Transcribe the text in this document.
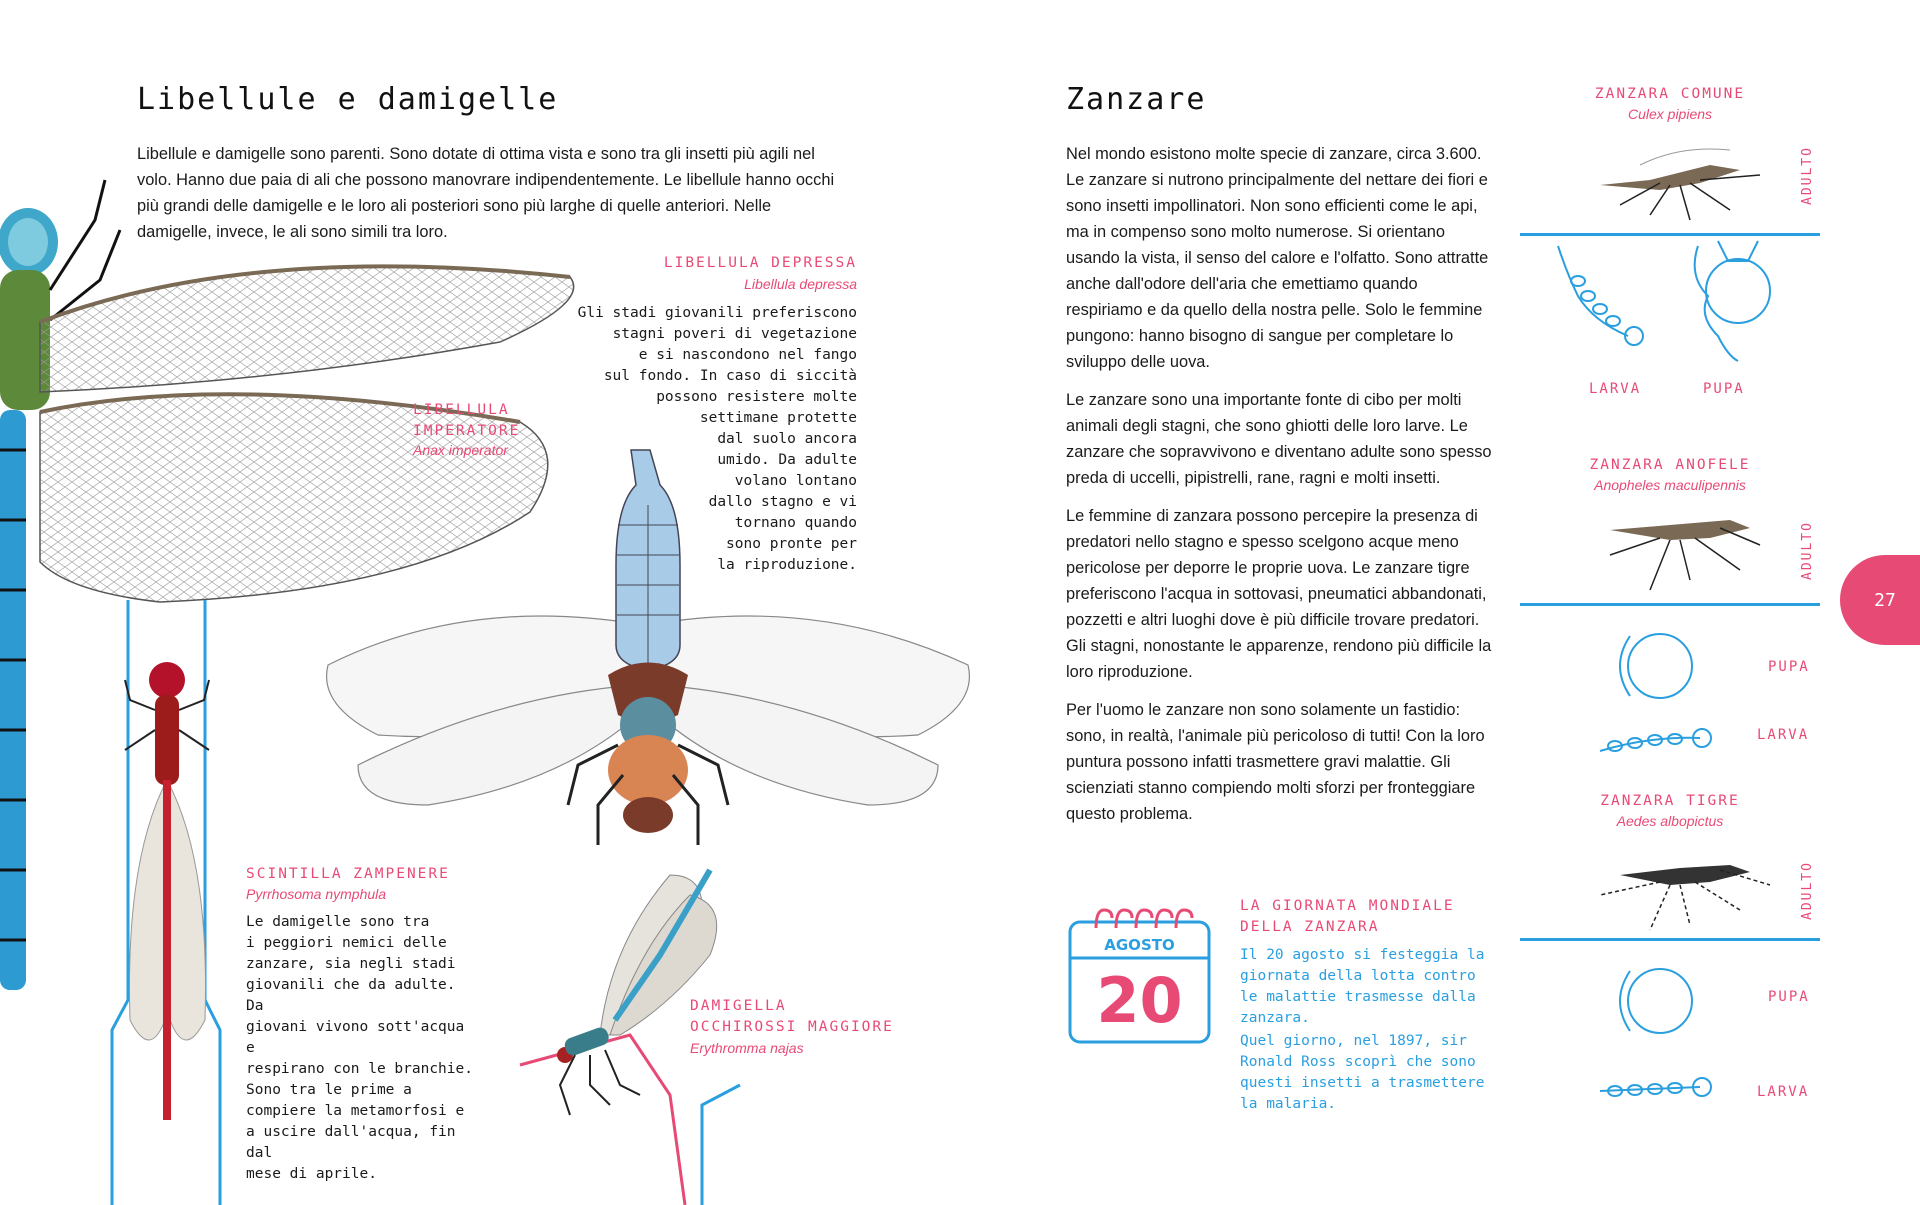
Libellule e damigelle

Libellule e damigelle sono parenti. Sono dotate di ottima vista e sono tra gli insetti più agili nel volo. Hanno due paia di ali che possono manovrare indipendentemente. Le libellule hanno occhi più grandi delle damigelle e le loro ali posteriori sono più larghe di quelle anteriori. Nelle damigelle, invece, le ali sono simili tra loro.

LIBELLULA
IMPERATORE
Anax imperator
LIBELLULA DEPRESSA
Libellula depressa
Gli stadi giovanili preferiscono
stagni poveri di vegetazione
e si nascondono nel fango
sul fondo. In caso di siccità
possono resistere molte
settimane protette
dal suolo ancora
umido. Da adulte
volano lontano
dallo stagno e vi
tornano quando
sono pronte per
la riproduzione.
SCINTILLA ZAMPENERE
Pyrrhosoma nymphula
Le damigelle sono tra
i peggiori nemici delle
zanzare, sia negli stadi
giovanili che da adulte. Da
giovani vivono sott'acqua e
respirano con le branchie.
Sono tra le prime a
compiere la metamorfosi e
a uscire dall'acqua, fin dal
mese di aprile.
DAMIGELLA
OCCHIROSSI MAGGIORE
Erythromma najas
Zanzare

Nel mondo esistono molte specie di zanzare, circa 3.600. Le zanzare si nutrono principalmente del nettare dei fiori e sono insetti impollinatori. Non sono efficienti come le api, ma in compenso sono molto numerose. Si orientano usando la vista, il senso del calore e l'olfatto. Sono attratte anche dall'odore dell'aria che emettiamo quando respiriamo e da quello della nostra pelle. Solo le femmine pungono: hanno bisogno di sangue per completare lo sviluppo delle uova.

Le zanzare sono una importante fonte di cibo per molti animali degli stagni, che sono ghiotti delle loro larve. Le zanzare che sopravvivono e diventano adulte sono spesso preda di uccelli, pipistrelli, rane, ragni e molti insetti.

Le femmine di zanzara possono percepire la presenza di predatori nello stagno e spesso scelgono acque meno pericolose per deporre le proprie uova. Le zanzare tigre preferiscono l'acqua in sottovasi, pneumatici abbandonati, pozzetti e altri luoghi dove è più difficile trovare predatori. Gli stagni, nonostante le apparenze, rendono più difficile la loro riproduzione.

Per l'uomo le zanzare non sono solamente un fastidio: sono, in realtà, l'animale più pericoloso di tutti! Con la loro puntura possono infatti trasmettere gravi malattie. Gli scienziati stanno compiendo molti sforzi per fronteggiare questo problema.

AGOSTO
20
LA GIORNATA MONDIALE
DELLA ZANZARA
Il 20 agosto si festeggia la
giornata della lotta contro
le malattie trasmesse dalla
zanzara.
Quel giorno, nel 1897, sir
Ronald Ross scoprì che sono
questi insetti a trasmettere
la malaria.
ZANZARA COMUNE
Culex pipiens
ADULTO
LARVA	PUPA
ZANZARA ANOFELE
Anopheles maculipennis
ADULTO
PUPA
LARVA
ZANZARA TIGRE
Aedes albopictus
ADULTO
PUPA
LARVA
27
